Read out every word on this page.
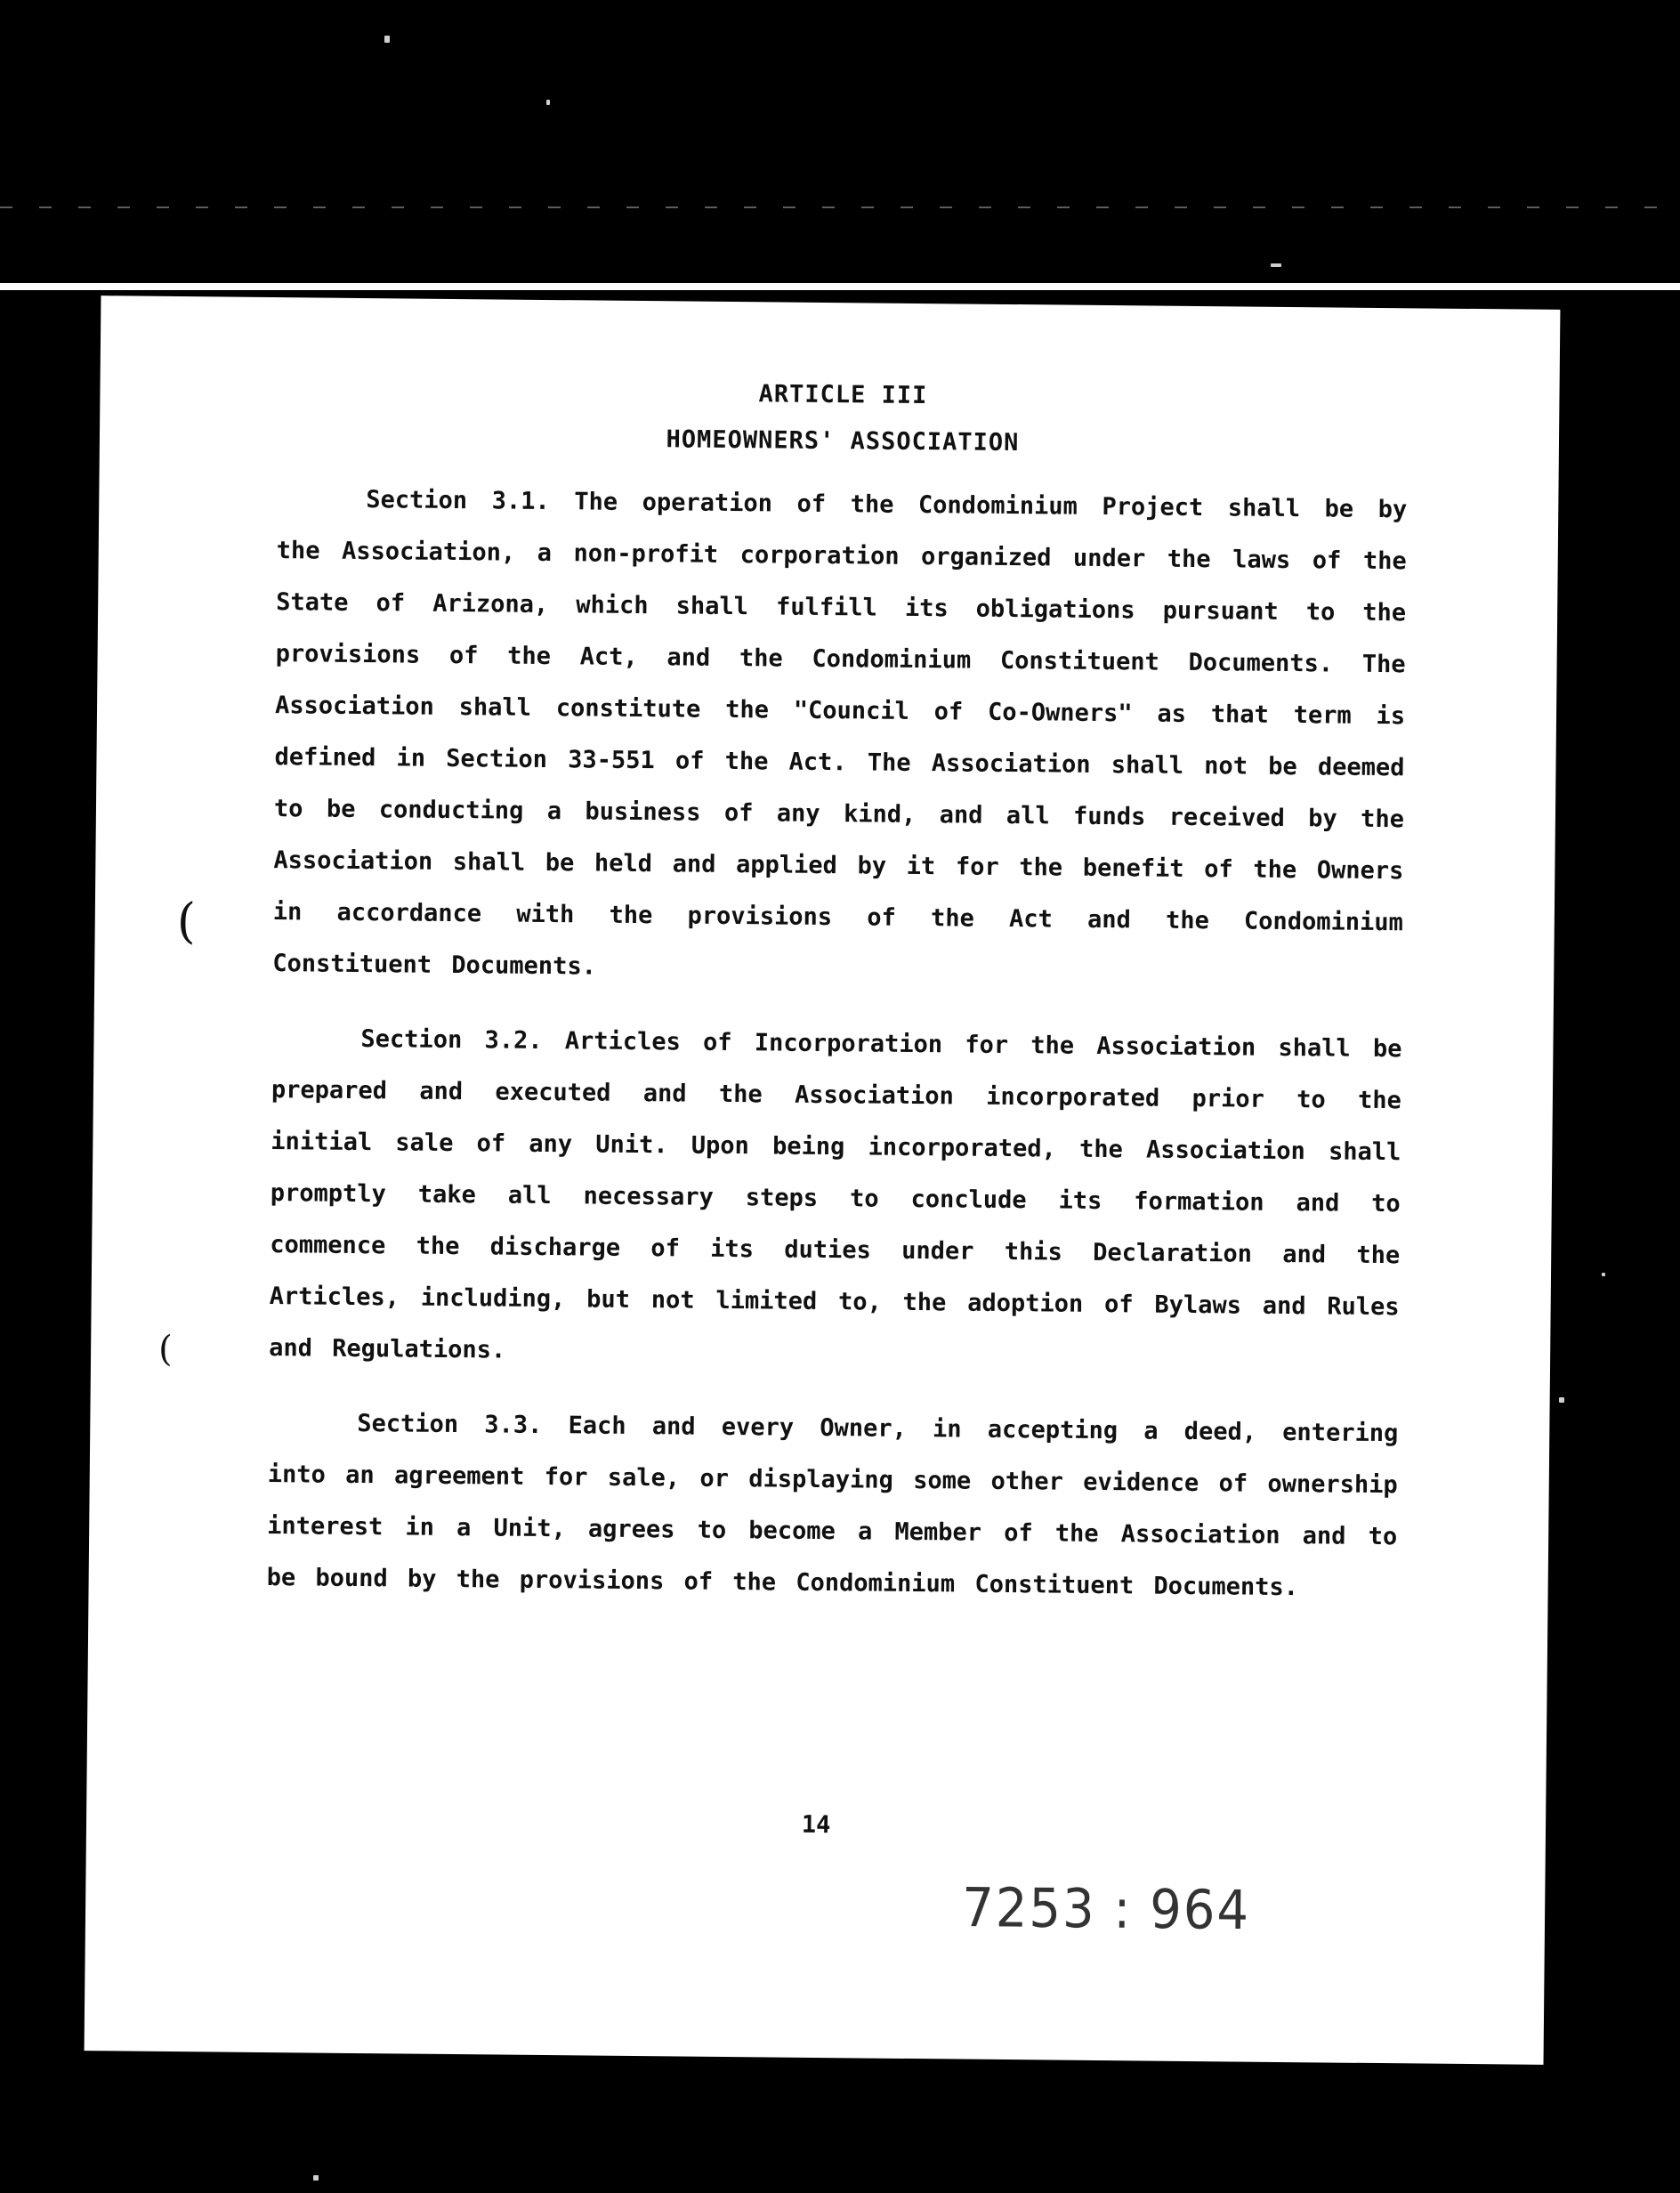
ARTICLE III

HOMEOWNERS' ASSOCIATION

Section 3.1. The operation of the Condominium Project shall be by the Association, a non-profit corporation organized under the laws of the State of Arizona, which shall fulfill its obligations pursuant to the provisions of the Act, and the Condominium Constituent Documents. The Association shall constitute the "Council of Co-Owners" as that term is defined in Section 33-551 of the Act. The Association shall not be deemed to be conducting a business of any kind, and all funds received by the Association shall be held and applied by it for the benefit of the Owners in accordance with the provisions of the Act and the Condominium Constituent Documents.

Section 3.2. Articles of Incorporation for the Association shall be prepared and executed and the Association incorporated prior to the initial sale of any Unit. Upon being incorporated, the Association shall promptly take all necessary steps to conclude its formation and to commence the discharge of its duties under this Declaration and the Articles, including, but not limited to, the adoption of Bylaws and Rules and Regulations.

Section 3.3. Each and every Owner, in accepting a deed, entering into an agreement for sale, or displaying some other evidence of ownership interest in a Unit, agrees to become a Member of the Association and to be bound by the provisions of the Condominium Constituent Documents.

14
7253 : 964
(
(
